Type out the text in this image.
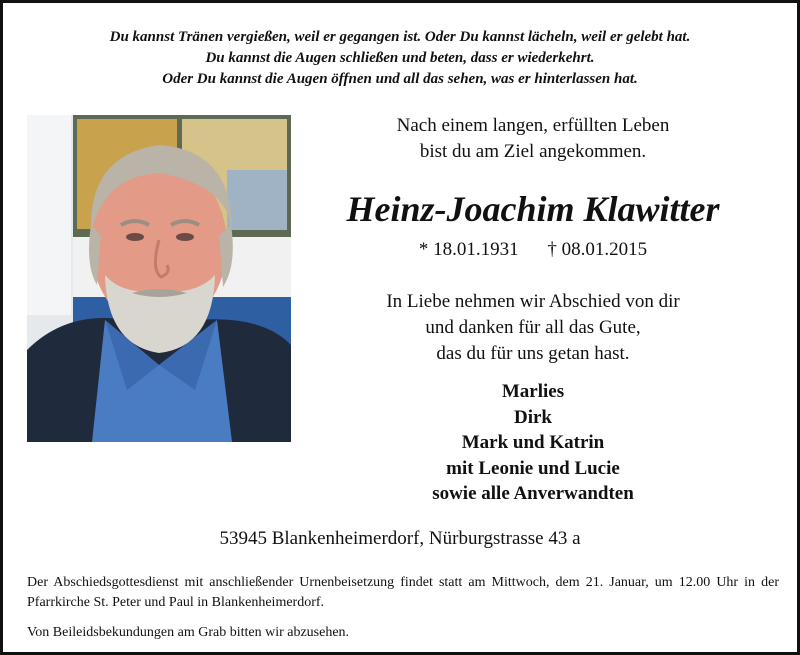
Du kannst Tränen vergießen, weil er gegangen ist. Oder Du kannst lächeln, weil er gelebt hat.
Du kannst die Augen schließen und beten, dass er wiederkehrt.
Oder Du kannst die Augen öffnen und all das sehen, was er hinterlassen hat.
Nach einem langen, erfüllten Leben
bist du am Ziel angekommen.
Heinz-Joachim Klawitter
* 18.01.1931 † 08.01.2015
In Liebe nehmen wir Abschied von dir
und danken für all das Gute,
das du für uns getan hast.
Marlies
Dirk
Mark und Katrin
mit Leonie und Lucie
sowie alle Anverwandten
53945 Blankenheimerdorf, Nürburgstrasse 43 a
Der Abschiedsgottesdienst mit anschließender Urnenbeisetzung findet statt am Mittwoch, dem 21. Januar, um 12.00 Uhr in der Pfarrkirche St. Peter und Paul in Blankenheimerdorf.
Von Beileidsbekundungen am Grab bitten wir abzusehen.
